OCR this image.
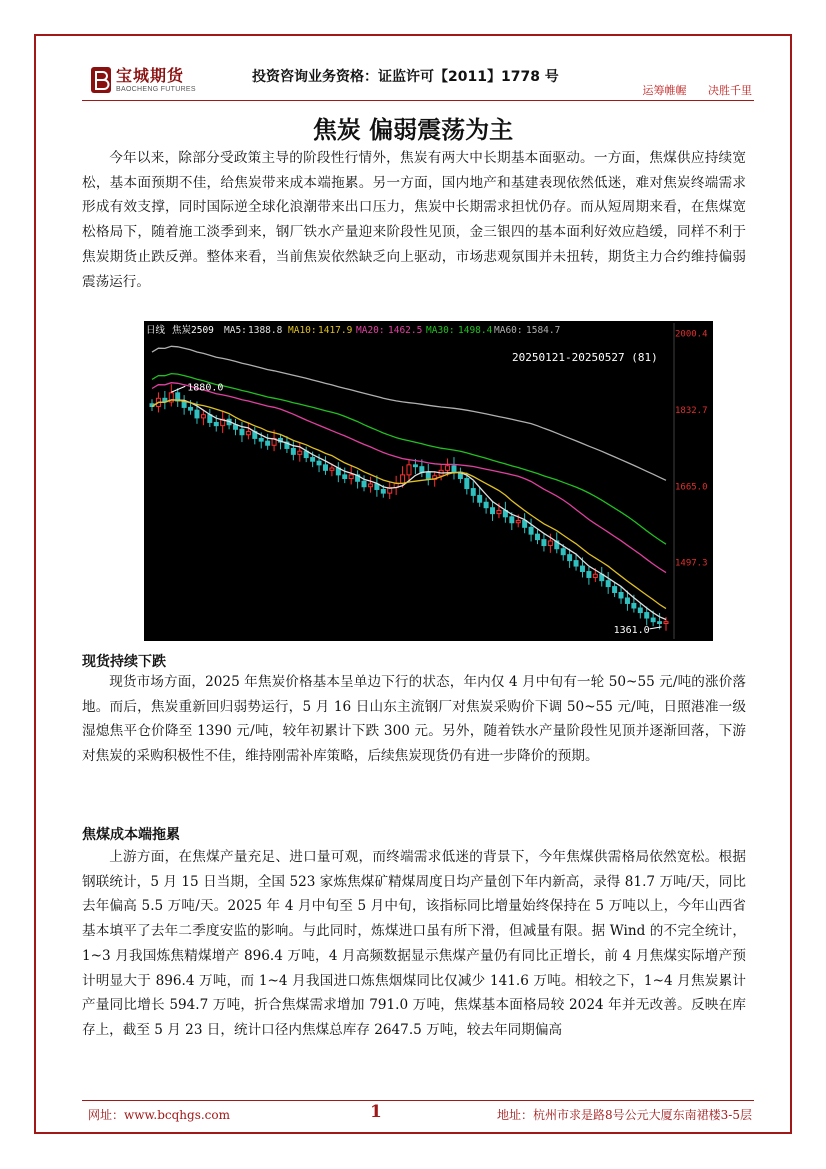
宝城期货
BAOCHENG FUTURES
投资咨询业务资格：证监许可【2011】1778 号
运筹帷幄 决胜千里
焦炭 偏弱震荡为主

今年以来，除部分受政策主导的阶段性行情外，焦炭有两大中长期基本面驱动。一方面，焦煤供应持续宽松，基本面预期不佳，给焦炭带来成本端拖累。另一方面，国内地产和基建表现依然低迷，难对焦炭终端需求形成有效支撑，同时国际逆全球化浪潮带来出口压力，焦炭中长期需求担忧仍存。而从短周期来看，在焦煤宽松格局下，随着施工淡季到来，钢厂铁水产量迎来阶段性见顶，金三银四的基本面利好效应趋缓，同样不利于焦炭期货止跌反弹。整体来看，当前焦炭依然缺乏向上驱动，市场悲观氛围并未扭转，期货主力合约维持偏弱震荡运行。

日线 焦炭2509 MA5: 1388.8 MA10: 1417.9 MA20: 1462.5 MA30: 1498.4 MA60: 1584.7
20250121-20250527 (81)
2000.4
1832.7
1665.0
1497.3
1880.0
1361.0
现货持续下跌

现货市场方面，2025 年焦炭价格基本呈单边下行的状态，年内仅 4 月中旬有一轮 50~55 元/吨的涨价落地。而后，焦炭重新回归弱势运行，5 月 16 日山东主流钢厂对焦炭采购价下调 50~55 元/吨，日照港准一级湿熄焦平仓价降至 1390 元/吨，较年初累计下跌 300 元。另外，随着铁水产量阶段性见顶并逐渐回落，下游对焦炭的采购积极性不佳，维持刚需补库策略，后续焦炭现货仍有进一步降价的预期。

焦煤成本端拖累

上游方面，在焦煤产量充足、进口量可观，而终端需求低迷的背景下，今年焦煤供需格局依然宽松。根据钢联统计，5 月 15 日当期，全国 523 家炼焦煤矿精煤周度日均产量创下年内新高，录得 81.7 万吨/天，同比去年偏高 5.5 万吨/天。2025 年 4 月中旬至 5 月中旬，该指标同比增量始终保持在 5 万吨以上，今年山西省基本填平了去年二季度安监的影响。与此同时，炼煤进口虽有所下滑，但减量有限。据 Wind 的不完全统计，1~3 月我国炼焦精煤增产 896.4 万吨，4 月高频数据显示焦煤产量仍有同比正增长，前 4 月焦煤实际增产预计明显大于 896.4 万吨，而 1~4 月我国进口炼焦烟煤同比仅减少 141.6 万吨。相较之下，1~4 月焦炭累计产量同比增长 594.7 万吨，折合焦煤需求增加 791.0 万吨，焦煤基本面格局较 2024 年并无改善。反映在库存上，截至 5 月 23 日，统计口径内焦煤总库存 2647.5 万吨，较去年同期偏高

网址：www.bcqhgs.com	1	地址：杭州市求是路8号公元大厦东南裙楼3-5层
